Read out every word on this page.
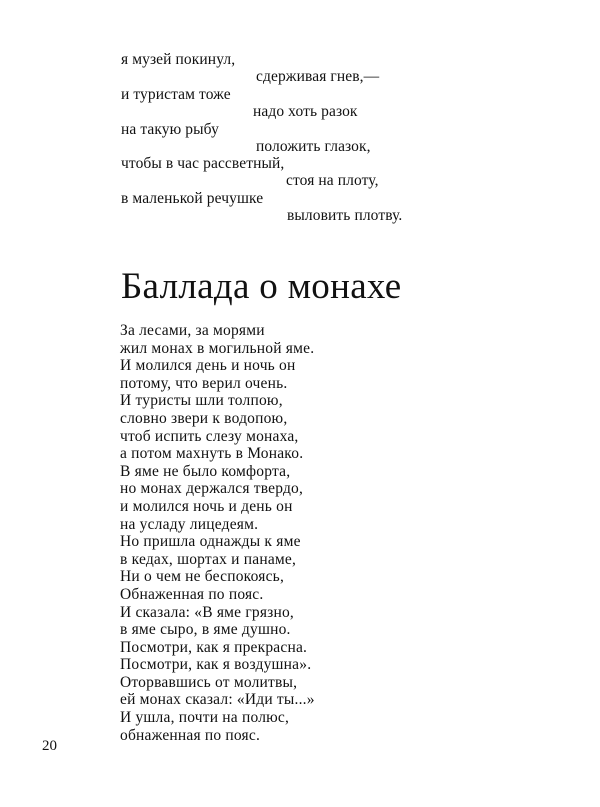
я музей покинул,
сдерживая гнев,—
и туристам тоже
надо хоть разок
на такую рыбу
положить глазок,
чтобы в час рассветный,
стоя на плоту,
в маленькой речушке
выловить плотву.
Баллада о монахе
За лесами, за морями
жил монах в могильной яме.
И молился день и ночь он
потому, что верил очень.
И туристы шли толпою,
словно звери к водопою,
чтоб испить слезу монаха,
а потом махнуть в Монако.
В яме не было комфорта,
но монах держался твердо,
и молился ночь и день он
на усладу лицедеям.
Но пришла однажды к яме
в кедах, шортах и панаме,
Ни о чем не беспокоясь,
Обнаженная по пояс.
И сказала: «В яме грязно,
в яме сыро, в яме душно.
Посмотри, как я прекрасна.
Посмотри, как я воздушна».
Оторвавшись от молитвы,
ей монах сказал: «Иди ты...»
И ушла, почти на полюс,
обнаженная по пояс.
20
